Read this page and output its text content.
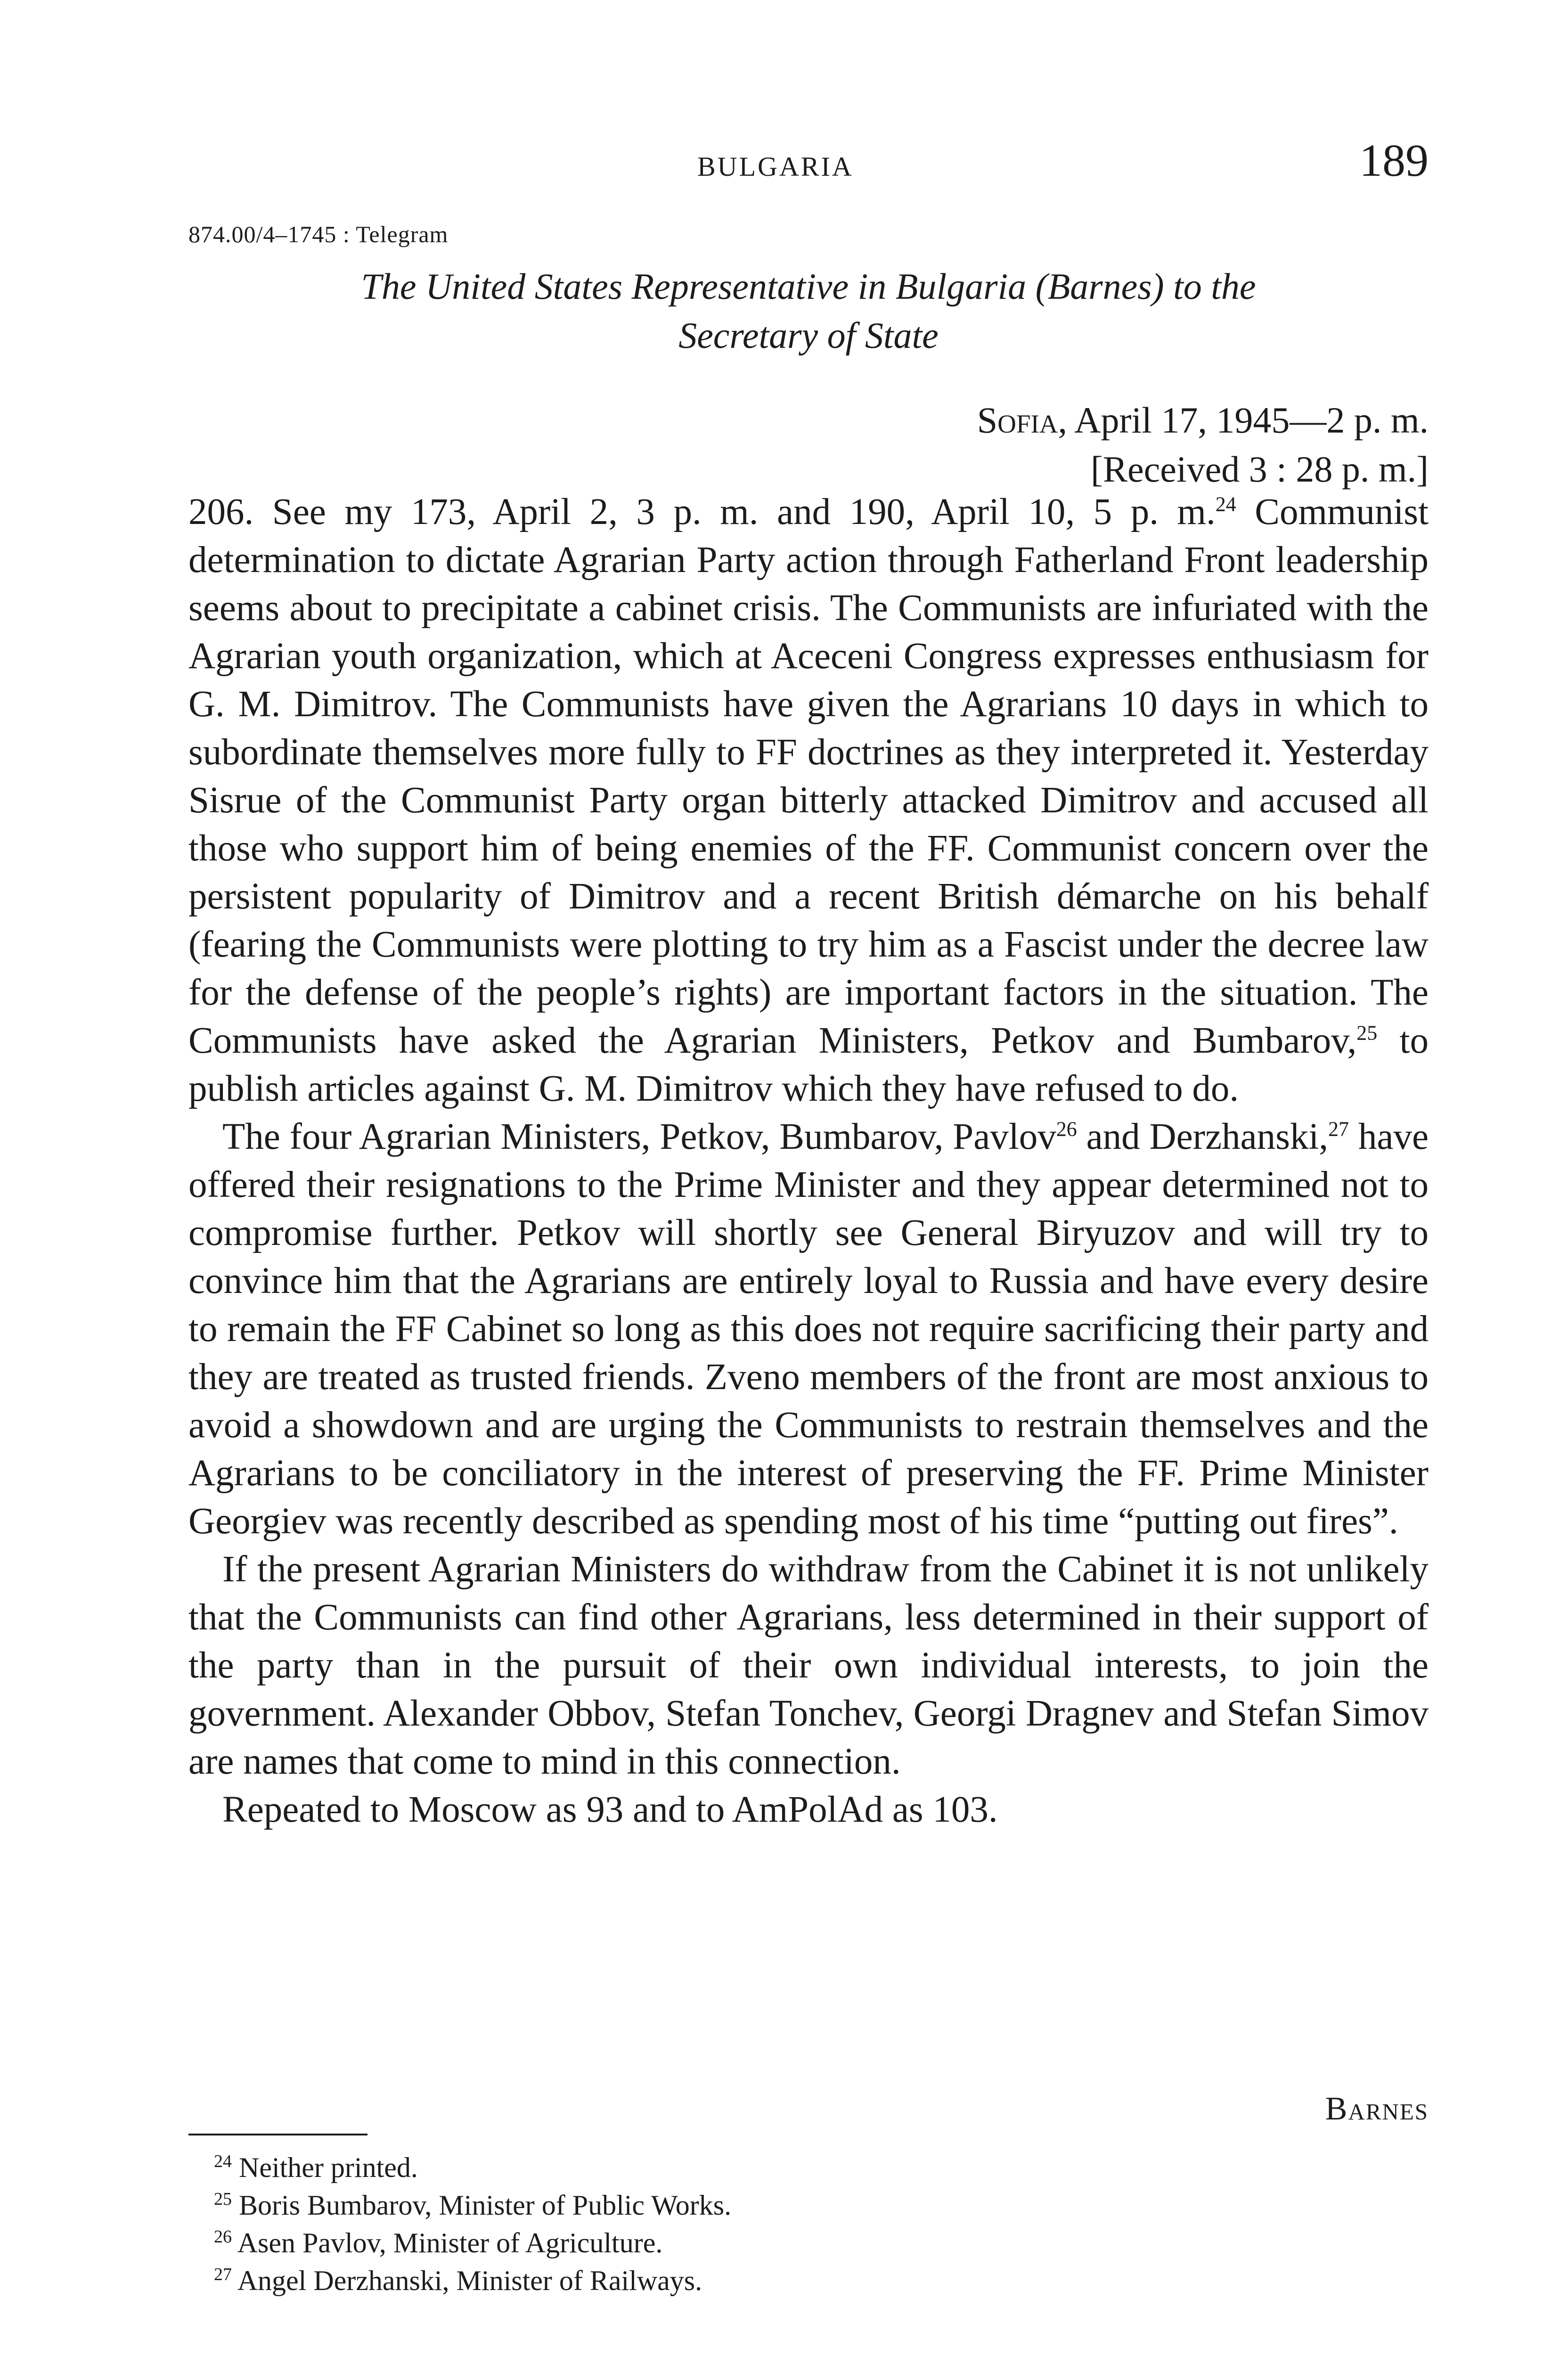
BULGARIA	189
874.00/4–1745 : Telegram
The United States Representative in Bulgaria (Barnes) to the
Secretary of State
Sofia, April 17, 1945—2 p. m.
[Received 3 : 28 p. m.]

206. See my 173, April 2, 3 p. m. and 190, April 10, 5 p. m.$^{24}$ Communist determination to dictate Agrarian Party action through Fatherland Front leadership seems about to precipitate a cabinet crisis. The Communists are infuriated with the Agrarian youth organization, which at Aceceni Congress expresses enthusiasm for G. M. Dimitrov. The Communists have given the Agrarians 10 days in which to subordinate themselves more fully to FF doctrines as they interpreted it. Yesterday Sisrue of the Communist Party organ bitterly attacked Dimitrov and accused all those who support him of being enemies of the FF. Communist concern over the persistent popularity of Dimitrov and a recent British démarche on his behalf (fearing the Communists were plotting to try him as a Fascist under the decree law for the defense of the people’s rights) are important factors in the situation. The Communists have asked the Agrarian Ministers, Petkov and Bumbarov,$^{25}$ to publish articles against G. M. Dimitrov which they have refused to do.

The four Agrarian Ministers, Petkov, Bumbarov, Pavlov$^{26}$ and Derzhanski,$^{27}$ have offered their resignations to the Prime Minister and they appear determined not to compromise further. Petkov will shortly see General Biryuzov and will try to convince him that the Agrarians are entirely loyal to Russia and have every desire to remain the FF Cabinet so long as this does not require sacrificing their party and they are treated as trusted friends. Zveno members of the front are most anxious to avoid a showdown and are urging the Communists to restrain themselves and the Agrarians to be conciliatory in the interest of preserving the FF. Prime Minister Georgiev was recently described as spending most of his time “putting out fires”.

If the present Agrarian Ministers do withdraw from the Cabinet it is not unlikely that the Communists can find other Agrarians, less determined in their support of the party than in the pursuit of their own individual interests, to join the government. Alexander Obbov, Stefan Tonchev, Georgi Dragnev and Stefan Simov are names that come to mind in this connection.

Repeated to Moscow as 93 and to AmPolAd as 103.

Barnes

$^{24}$ Neither printed.

$^{25}$ Boris Bumbarov, Minister of Public Works.

$^{26}$ Asen Pavlov, Minister of Agriculture.

$^{27}$ Angel Derzhanski, Minister of Railways.
